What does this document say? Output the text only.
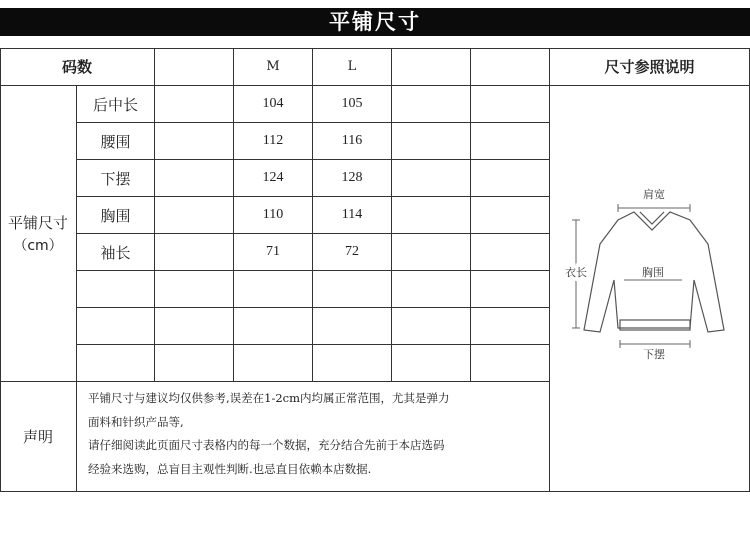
平铺尺寸
码数	M	L	尺寸参照说明
平铺尺寸
（cm）
后中长	104	105
腰围	112	116
下摆	124	128
胸围	110	114
袖长	71	72
声明
平铺尺寸与建议均仅供参考,误差在1-2cm内均属正常范围，尤其是弹力
面料和针织产品等,
请仔细阅读此页面尺寸表格内的每一个数据，充分结合先前于本店选码
经验来选购，总盲目主观性判断.也忌直目依赖本店数据.
肩宽
衣长	胸围
下摆
